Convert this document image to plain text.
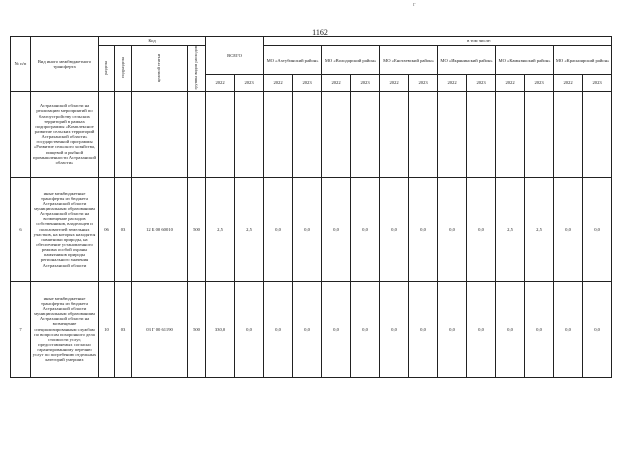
г
1162
№ п/п	Вид иного межбюджетного трансферта	Код				ВСЕГО		в том числе:											
		раздела	подраздела	целевой статьи	группы видов расходов			МО «Ахтубинский район»		МО «Володарский район»		МО «Енотаевский район»		МО «Икрянинский район»		МО «Камызякский район»		МО «Красноярский район»	
						2022	2023	2022	2023	2022	2023	2022	2023	2022	2023	2022	2023	2022	2023
	Астраханской области на реализацию мероприятий по благоустройству сельских территорий в рамках подпрограммы «Комплексное развитие сельских территорий Астраханской области» государственной программы «Развитие сельского хозяйства, пищевой и рыбной промышленности Астраханской области»																		
6	иные межбюджетные трансферты из бюджета Астраханской области муниципальным образованиям Астраханской области на возмещение расходов собственников, владельцев и пользователей земельных участков, на которых находятся памятники природы, на обеспечение установленного режима особой охраны памятников природы регионального значения Астраханской области	06	03	12 Б 00 60010	500	2,5	2,5	0,0	0,0	0,0	0,0	0,0	0,0	0,0	0,0	2,5	2,5	0,0	0,0
7	иные межбюджетные трансферты из бюджета Астраханской области муниципальным образованиям Астраханской области на возмещение специализированным службам по вопросам похоронного дела стоимости услуг, предоставляемых согласно гарантированному перечню услуг по погребению отдельных категорий умерших	10	03	03 Г 00 61190	500	330,0	0,0	0,0	0,0	0,0	0,0	0,0	0,0	0,0	0,0	0,0	0,0	0,0	0,0
